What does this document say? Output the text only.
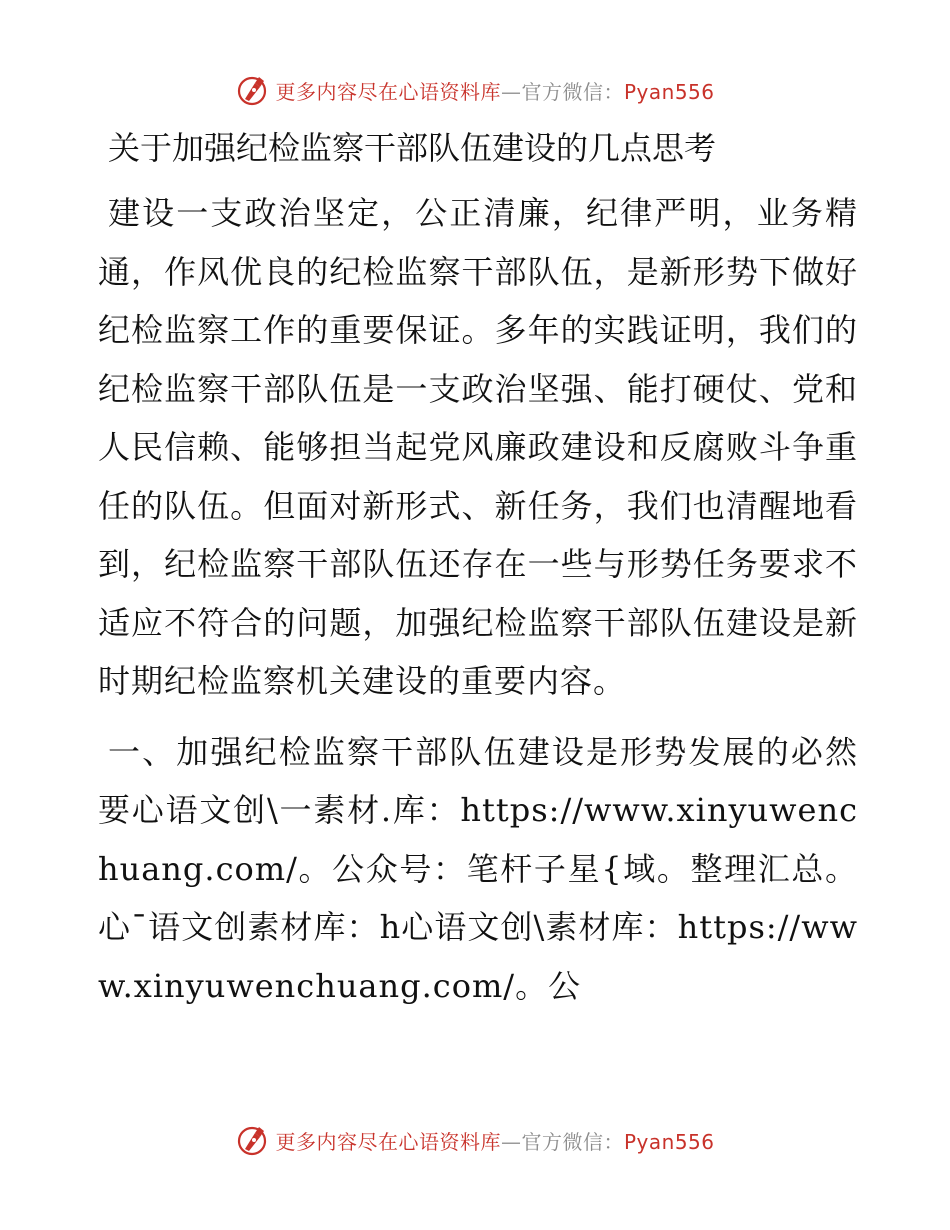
更多内容尽在心语资料库—官方微信：Pyan556
关于加强纪检监察干部队伍建设的几点思考

建设一支政治坚定，公正清廉，纪律严明，业务精通，作风优良的纪检监察干部队伍，是新形势下做好纪检监察工作的重要保证。多年的实践证明，我们的纪检监察干部队伍是一支政治坚强、能打硬仗、党和人民信赖、能够担当起党风廉政建设和反腐败斗争重任的队伍。但面对新形式、新任务，我们也清醒地看到，纪检监察干部队伍还存在一些与形势任务要求不适应不符合的问题，加强纪检监察干部队伍建设是新时期纪检监察机关建设的重要内容。

一、加强纪检监察干部队伍建设是形势发展的必然要心语文创\一素材.库：https://www.xinyuwenchuang.com/。公众号：笔杆子星{域。整理汇总。心¯语文创素材库：h心语文创\素材库：https://www.xinyuwenchuang.com/。公

更多内容尽在心语资料库—官方微信：Pyan556
